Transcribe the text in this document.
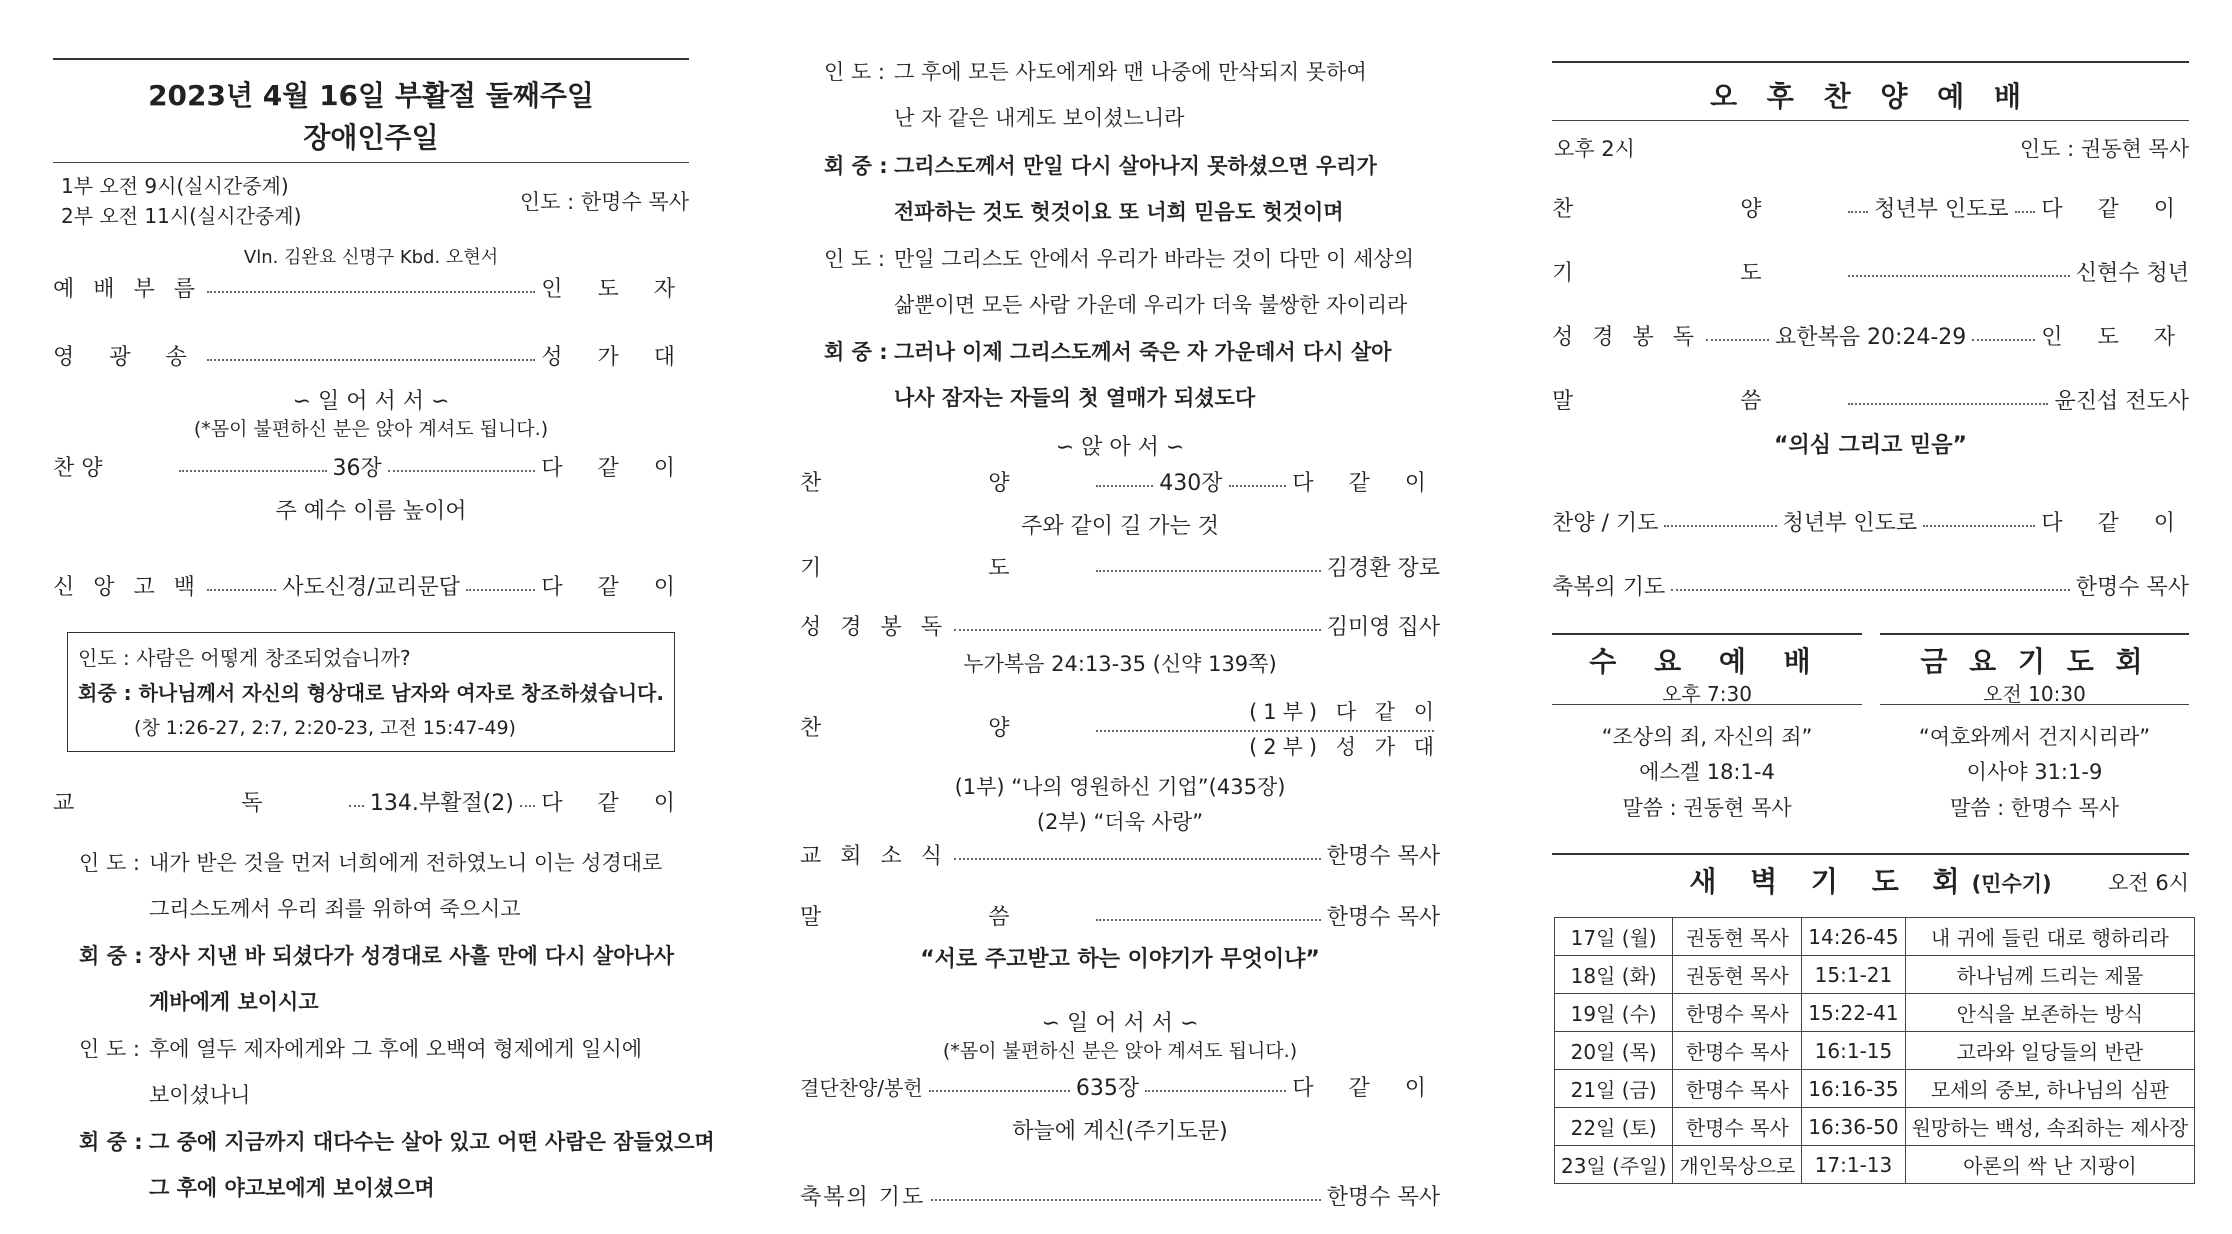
2023년 4월 16일 부활절 둘째주일
장애인주일
1부 오전 9시(실시간중계)
2부 오전 11시(실시간중계)
인도 : 한명수 목사
Vln. 김완요 신명구 Kbd. 오현서
예 배 부 름	인 도 자
영 광 송	성 가 대
∽ 일 어 서 서 ∽
(*몸이 불편하신 분은 앉아 계셔도 됩니다.)
찬 양	36장	다 같 이
주 예수 이름 높이어
신 앙 고 백	사도신경/교리문답	다 같 이
인도 : 사람은 어떻게 창조되었습니까?
회중 : 하나님께서 자신의 형상대로 남자와 여자로 창조하셨습니다.
(창 1:26-27, 2:7, 2:20-23, 고전 15:47-49)
교 독 134.부활절(2) 다 같 이
인 도 : 내가 받은 것을 먼저 너희에게 전하였노니 이는 성경대로
그리스도께서 우리 죄를 위하여 죽으시고
회 중 : 장사 지낸 바 되셨다가 성경대로 사흘 만에 다시 살아나사
게바에게 보이시고
인 도 : 후에 열두 제자에게와 그 후에 오백여 형제에게 일시에
보이셨나니
회 중 : 그 중에 지금까지 대다수는 살아 있고 어떤 사람은 잠들었으며
그 후에 야고보에게 보이셨으며
인 도 : 그 후에 모든 사도에게와 맨 나중에 만삭되지 못하여
난 자 같은 내게도 보이셨느니라
회 중 : 그리스도께서 만일 다시 살아나지 못하셨으면 우리가
전파하는 것도 헛것이요 또 너희 믿음도 헛것이며
인 도 : 만일 그리스도 안에서 우리가 바라는 것이 다만 이 세상의
삶뿐이면 모든 사람 가운데 우리가 더욱 불쌍한 자이리라
회 중 : 그러나 이제 그리스도께서 죽은 자 가운데서 다시 살아
나사 잠자는 자들의 첫 열매가 되셨도다
∽ 앉 아 서 ∽
찬 양	430장	다 같 이
주와 같이 길 가는 것
기 도	김경환 장로
성 경 봉 독	김미영 집사
누가복음 24:13-35 (신약 139쪽)
찬 양
(1부) 다 같 이
(2부) 성 가 대
(1부) “나의 영원하신 기업”(435장)
(2부) “더욱 사랑”
교 회 소 식	한명수 목사
말 씀	한명수 목사
“서로 주고받고 하는 이야기가 무엇이냐”
∽ 일 어 서 서 ∽
(*몸이 불편하신 분은 앉아 계셔도 됩니다.)
결단찬양/봉헌	635장	다 같 이
하늘에 계신(주기도문)
축복의 기도	한명수 목사
오 후 찬 양 예 배
오후 2시	인도 : 권동현 목사
찬 양 청년부 인도로 다 같 이
기 도	신현수 청년
성 경 봉 독	요한복음 20:24-29	인 도 자
말 씀	윤진섭 전도사
“의심 그리고 믿음”
찬양 / 기도	청년부 인도로	다 같 이
축복의 기도	한명수 목사
수 요 예 배
오후 7:30
“조상의 죄, 자신의 죄”
에스겔 18:1-4
말씀 : 권동현 목사
금 요 기 도 회
오전 10:30
“여호와께서 건지시리라”
이사야 31:1-9
말씀 : 한명수 목사
새 벽 기 도 회(민수기)	오전 6시
17일 (월)	권동현 목사	14:26-45	내 귀에 들린 대로 행하리라
18일 (화)	권동현 목사	15:1-21	하나님께 드리는 제물
19일 (수)	한명수 목사	15:22-41	안식을 보존하는 방식
20일 (목)	한명수 목사	16:1-15	고라와 일당들의 반란
21일 (금)	한명수 목사	16:16-35	모세의 중보, 하나님의 심판
22일 (토)	한명수 목사	16:36-50	원망하는 백성, 속죄하는 제사장
23일 (주일)	개인묵상으로	17:1-13	아론의 싹 난 지팡이
